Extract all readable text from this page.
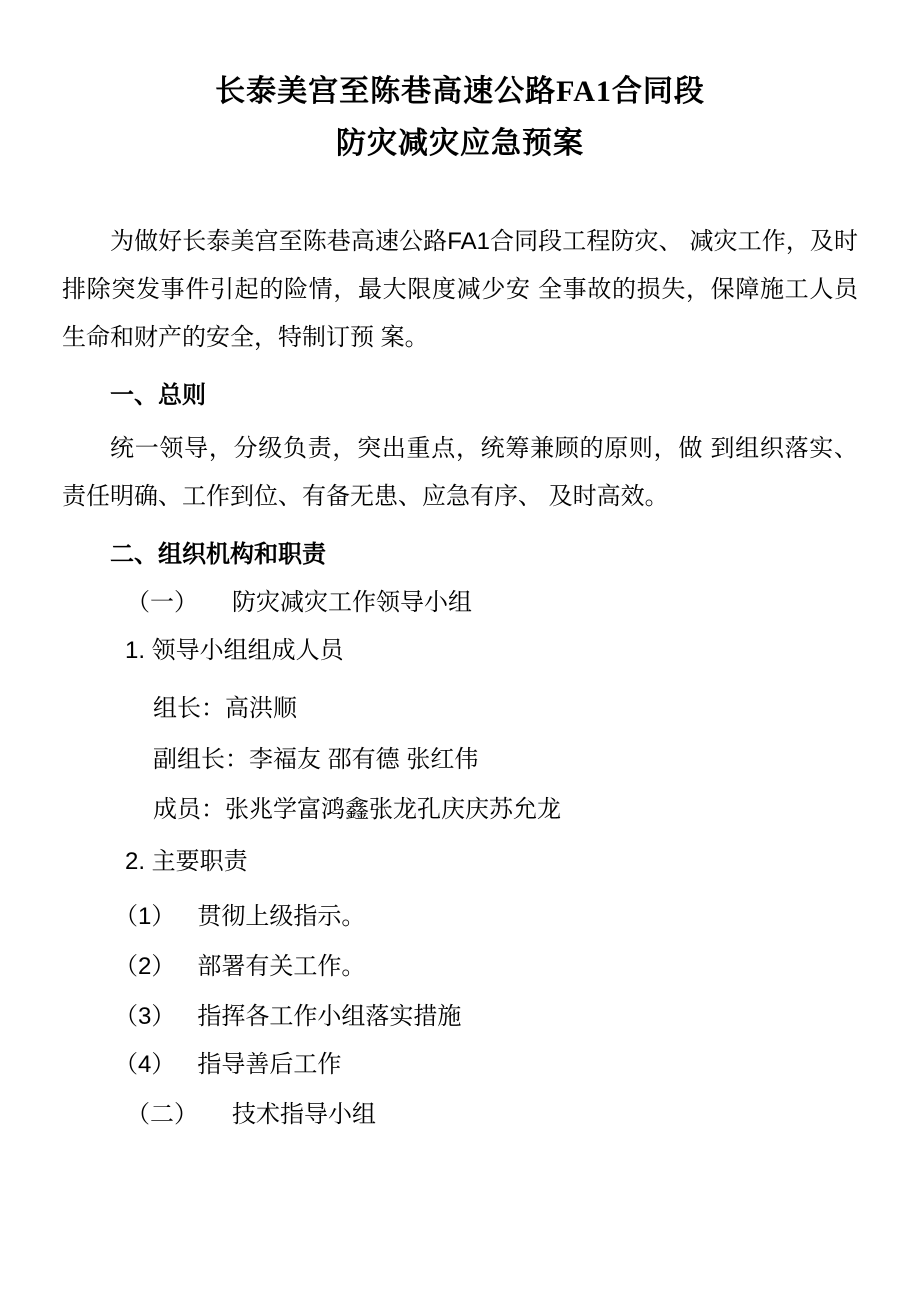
长泰美宫至陈巷高速公路FA1合同段
防灾减灾应急预案

为做好长泰美宫至陈巷高速公路FA1合同段工程防灾、 减灾工作，及时排除突发事件引起的险情，最大限度减少安 全事故的损失，保障施工人员生命和财产的安全，特制订预 案。

一、总则

统一领导，分级负责，突出重点，统筹兼顾的原则，做 到组织落实、责任明确、工作到位、有备无患、应急有序、 及时高效。

二、组织机构和职责

（一） 防灾减灾工作领导小组

1. 领导小组组成人员

组长：高洪顺

副组长：李福友 邵有德 张红伟

成员：张兆学富鸿鑫张龙孔庆庆苏允龙

2. 主要职责

（1） 贯彻上级指示。

（2） 部署有关工作。

（3） 指挥各工作小组落实措施

（4） 指导善后工作

（二） 技术指导小组
